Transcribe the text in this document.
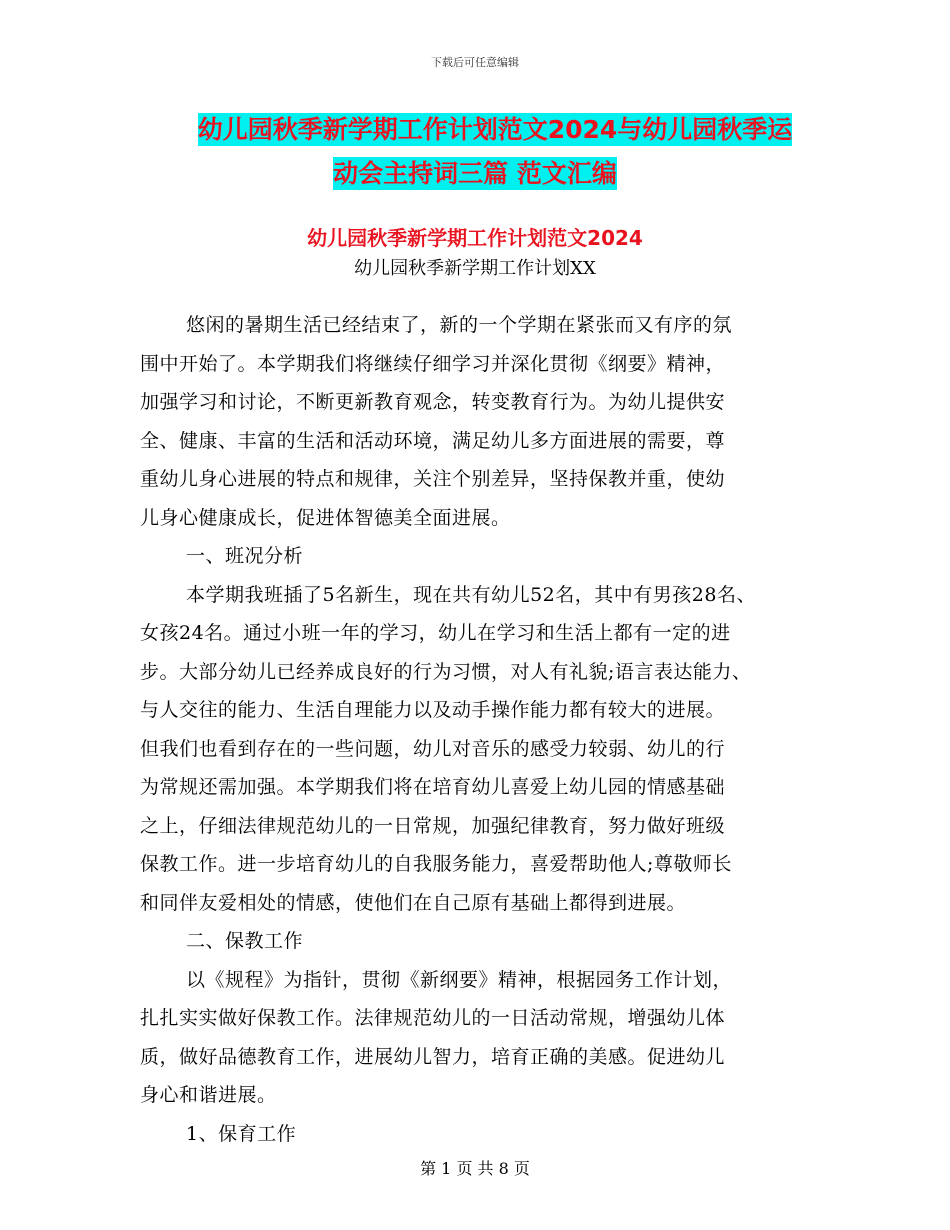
下载后可任意编辑
幼儿园秋季新学期工作计划范文2024与幼儿园秋季运
动会主持词三篇 范文汇编
幼儿园秋季新学期工作计划范文2024
幼儿园秋季新学期工作计划XX
悠闲的暑期生活已经结束了，新的一个学期在紧张而又有序的氛
围中开始了。本学期我们将继续仔细学习并深化贯彻《纲要》精神，
加强学习和讨论，不断更新教育观念，转变教育行为。为幼儿提供安
全、健康、丰富的生活和活动环境，满足幼儿多方面进展的需要，尊
重幼儿身心进展的特点和规律，关注个别差异，坚持保教并重，使幼
儿身心健康成长，促进体智德美全面进展。
一、班况分析
本学期我班插了5名新生，现在共有幼儿52名，其中有男孩28名、
女孩24名。通过小班一年的学习，幼儿在学习和生活上都有一定的进
步。大部分幼儿已经养成良好的行为习惯，对人有礼貌;语言表达能力、
与人交往的能力、生活自理能力以及动手操作能力都有较大的进展。
但我们也看到存在的一些问题，幼儿对音乐的感受力较弱、幼儿的行
为常规还需加强。本学期我们将在培育幼儿喜爱上幼儿园的情感基础
之上，仔细法律规范幼儿的一日常规，加强纪律教育，努力做好班级
保教工作。进一步培育幼儿的自我服务能力，喜爱帮助他人;尊敬师长
和同伴友爱相处的情感，使他们在自己原有基础上都得到进展。
二、保教工作
以《规程》为指针，贯彻《新纲要》精神，根据园务工作计划，
扎扎实实做好保教工作。法律规范幼儿的一日活动常规，增强幼儿体
质，做好品德教育工作，进展幼儿智力，培育正确的美感。促进幼儿
身心和谐进展。
1、保育工作
第 1 页 共 8 页
